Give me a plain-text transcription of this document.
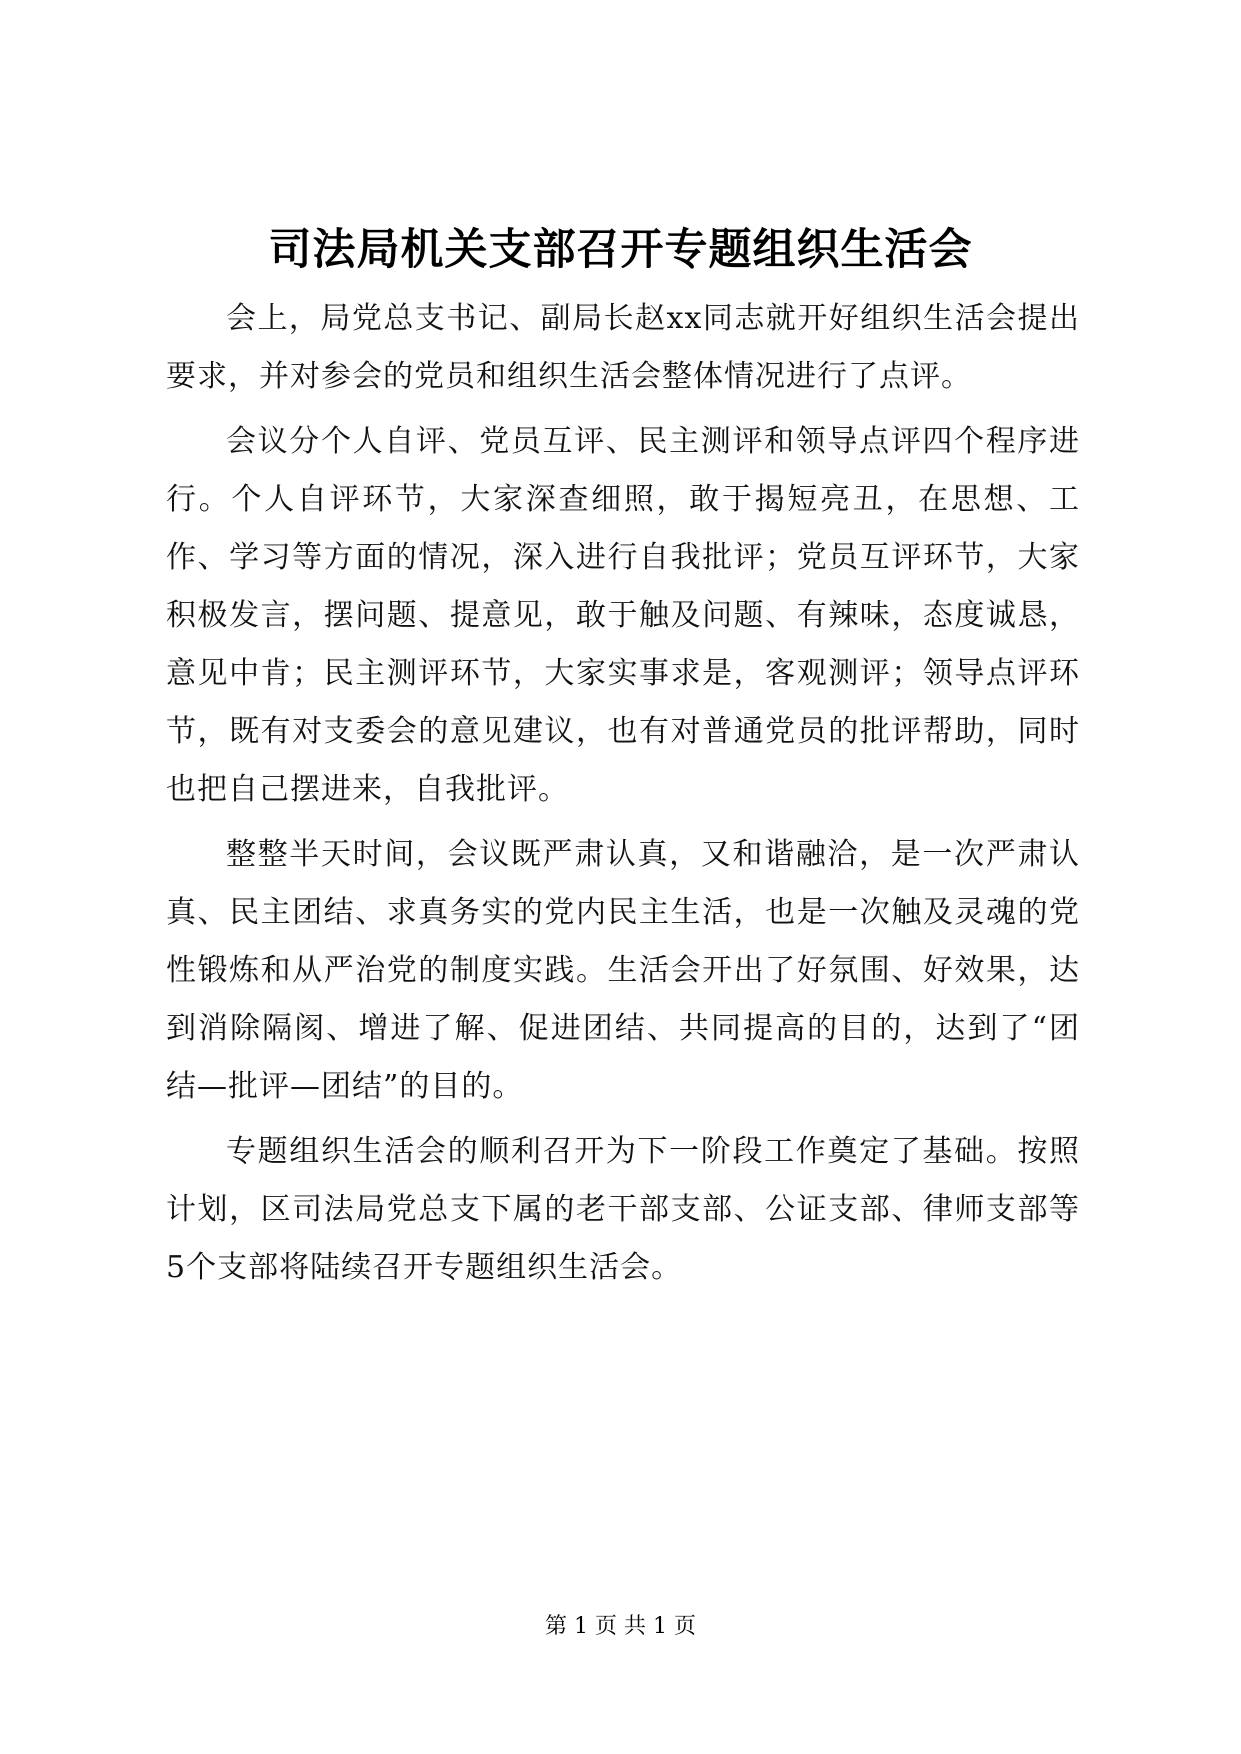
司法局机关支部召开专题组织生活会

会上，局党总支书记、副局长赵xx同志就开好组织生活会提出要求，并对参会的党员和组织生活会整体情况进行了点评。

会议分个人自评、党员互评、民主测评和领导点评四个程序进行。个人自评环节，大家深查细照，敢于揭短亮丑，在思想、工作、学习等方面的情况，深入进行自我批评；党员互评环节，大家积极发言，摆问题、提意见，敢于触及问题、有辣味，态度诚恳，意见中肯；民主测评环节，大家实事求是，客观测评；领导点评环节，既有对支委会的意见建议，也有对普通党员的批评帮助，同时也把自己摆进来，自我批评。

整整半天时间，会议既严肃认真，又和谐融洽，是一次严肃认真、民主团结、求真务实的党内民主生活，也是一次触及灵魂的党性锻炼和从严治党的制度实践。生活会开出了好氛围、好效果，达到消除隔阂、增进了解、促进团结、共同提高的目的，达到了“团结—批评—团结”的目的。

专题组织生活会的顺利召开为下一阶段工作奠定了基础。按照计划，区司法局党总支下属的老干部支部、公证支部、律师支部等5个支部将陆续召开专题组织生活会。

第 1 页 共 1 页
